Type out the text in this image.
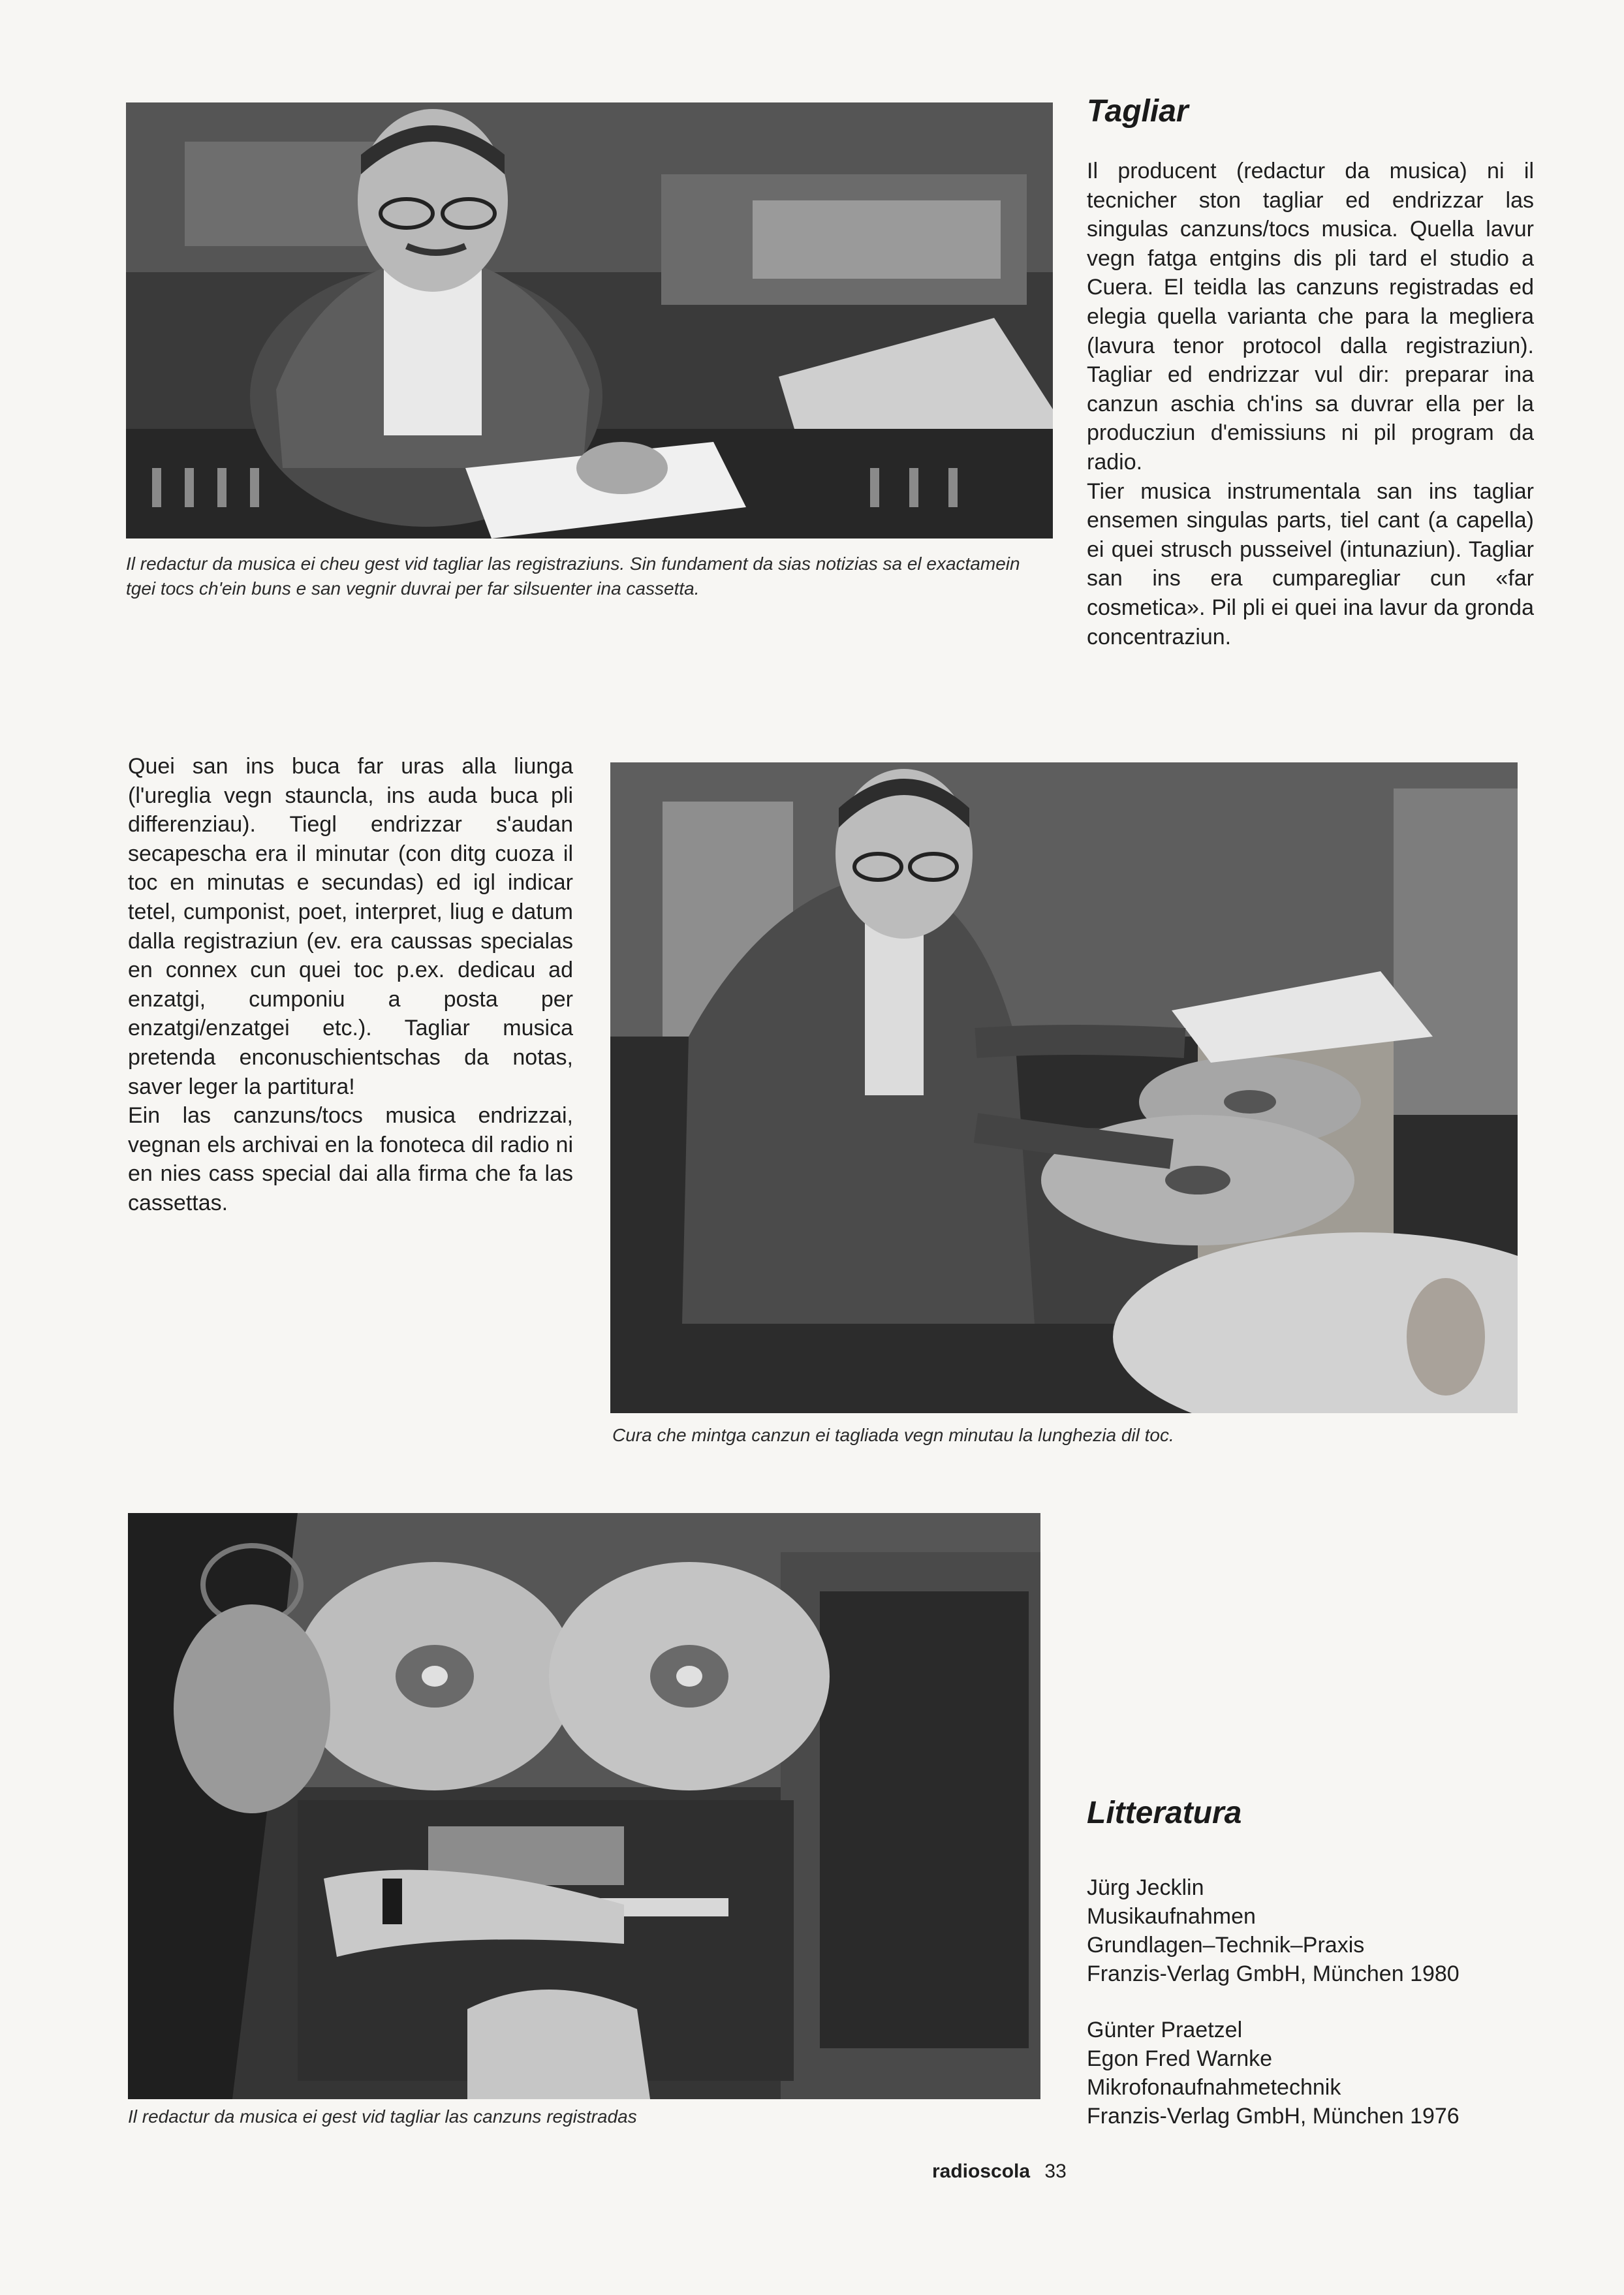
Il redactur da musica ei cheu gest vid tagliar las registraziuns. Sin fundament da sias notizias sa el exactamein tgei tocs ch'ein buns e san vegnir duvrai per far silsuenter ina cassetta.

Tagliar

Il producent (redactur da musica) ni il tecnicher ston tagliar ed endrizzar las singulas canzuns/tocs musica. Quella lavur vegn fatga entgins dis pli tard el studio a Cuera. El teidla las canzuns registradas ed elegia quella varianta che para la megliera (lavura tenor protocol dalla registraziun). Tagliar ed endrizzar vul dir: preparar ina canzun aschia ch'ins sa duvrar ella per la producziun d'emissiuns ni pil program da radio.

Tier musica instrumentala san ins tagliar ensemen singulas parts, tiel cant (a capella) ei quei strusch pusseivel (intunaziun). Tagliar san ins era cumparegliar cun «far cosmetica». Pil pli ei quei ina lavur da gronda concentraziun.

Quei san ins buca far uras alla liunga (l'ureglia vegn stauncla, ins auda buca pli differenziau). Tiegl endrizzar s'audan secapescha era il minutar (con ditg cuoza il toc en minutas e secundas) ed igl indicar tetel, cumponist, poet, interpret, liug e datum dalla registraziun (ev. era caussas specialas en connex cun quei toc p.ex. dedicau ad enzatgi, cumponiu a posta per enzatgi/enzatgei etc.). Tagliar musica pretenda enconuschientschas da notas, saver leger la partitura!

Ein las canzuns/tocs musica endrizzai, vegnan els archivai en la fonoteca dil radio ni en nies cass special dai alla firma che fa las cassettas.

Cura che mintga canzun ei tagliada vegn minutau la lunghezia dil toc.

Il redactur da musica ei gest vid tagliar las canzuns registradas

Litteratura
Jürg Jecklin
Musikaufnahmen
Grundlagen–Technik–Praxis
Franzis-Verlag GmbH, München 1980
Günter Praetzel
Egon Fred Warnke
Mikrofonaufnahmetechnik
Franzis-Verlag GmbH, München 1976
radioscola 33
